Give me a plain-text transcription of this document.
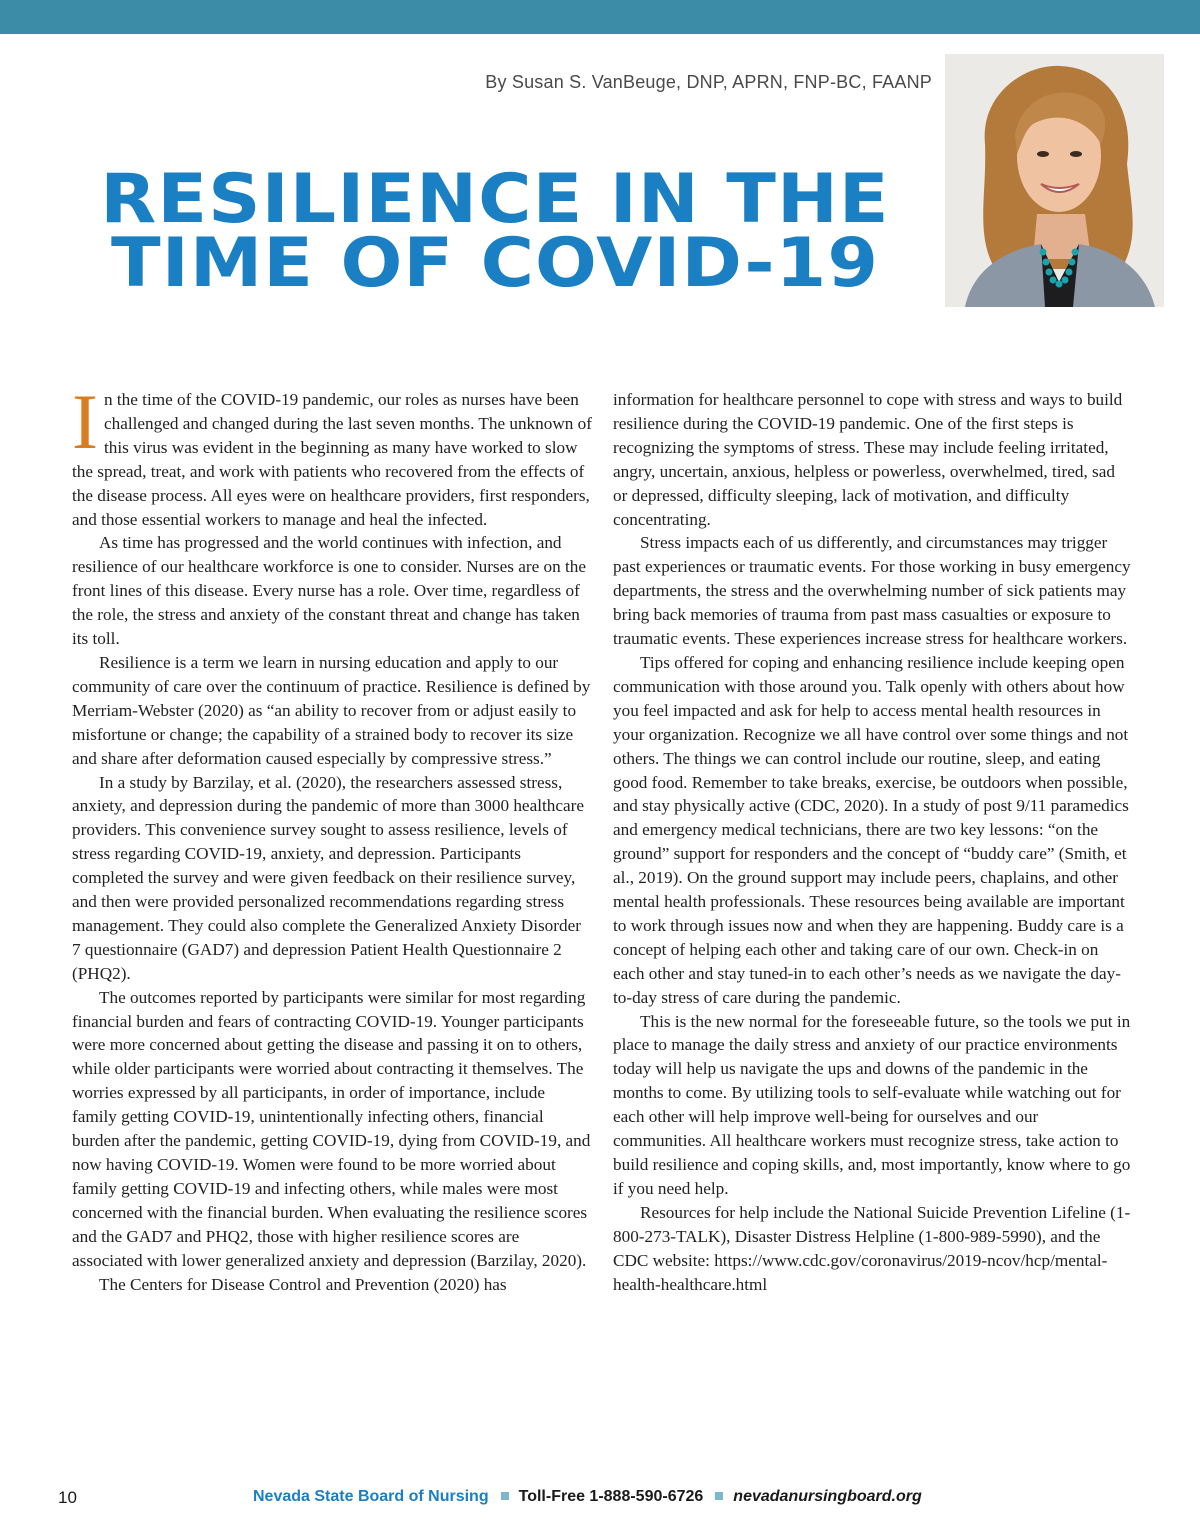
By Susan S. VanBeuge, DNP, APRN, FNP-BC, FAANP
RESILIENCE IN THE
TIME OF COVID-19

In the time of the COVID-19 pandemic, our roles as nurses have been challenged and changed during the last seven months. The unknown of this virus was evident in the beginning as many have worked to slow the spread, treat, and work with patients who recovered from the effects of the disease process. All eyes were on healthcare providers, first responders, and those essential workers to manage and heal the infected.

As time has progressed and the world continues with infection, and resilience of our healthcare workforce is one to consider. Nurses are on the front lines of this disease. Every nurse has a role. Over time, regardless of the role, the stress and anxiety of the constant threat and change has taken its toll.

Resilience is a term we learn in nursing education and apply to our community of care over the continuum of practice. Resilience is defined by Merriam-Webster (2020) as “an ability to recover from or adjust easily to misfortune or change; the capability of a strained body to recover its size and share after deformation caused especially by compressive stress.”

In a study by Barzilay, et al. (2020), the researchers assessed stress, anxiety, and depression during the pandemic of more than 3000 healthcare providers. This convenience survey sought to assess resilience, levels of stress regarding COVID-19, anxiety, and depression. Participants completed the survey and were given feedback on their resilience survey, and then were provided personalized recommendations regarding stress management. They could also complete the Generalized Anxiety Disorder 7 questionnaire (GAD7) and depression Patient Health Questionnaire 2 (PHQ2).

The outcomes reported by participants were similar for most regarding financial burden and fears of contracting COVID-19. Younger participants were more concerned about getting the disease and passing it on to others, while older participants were worried about contracting it themselves. The worries expressed by all participants, in order of importance, include family getting COVID-19, unintentionally infecting others, financial burden after the pandemic, getting COVID-19, dying from COVID-19, and now having COVID-19. Women were found to be more worried about family getting COVID-19 and infecting others, while males were most concerned with the financial burden. When evaluating the resilience scores and the GAD7 and PHQ2, those with higher resilience scores are associated with lower generalized anxiety and depression (Barzilay, 2020).

The Centers for Disease Control and Prevention (2020) has

information for healthcare personnel to cope with stress and ways to build resilience during the COVID-19 pandemic. One of the first steps is recognizing the symptoms of stress. These may include feeling irritated, angry, uncertain, anxious, helpless or powerless, overwhelmed, tired, sad or depressed, difficulty sleeping, lack of motivation, and difficulty concentrating.

Stress impacts each of us differently, and circumstances may trigger past experiences or traumatic events. For those working in busy emergency departments, the stress and the overwhelming number of sick patients may bring back memories of trauma from past mass casualties or exposure to traumatic events. These experiences increase stress for healthcare workers.

Tips offered for coping and enhancing resilience include keeping open communication with those around you. Talk openly with others about how you feel impacted and ask for help to access mental health resources in your organization. Recognize we all have control over some things and not others. The things we can control include our routine, sleep, and eating good food. Remember to take breaks, exercise, be outdoors when possible, and stay physically active (CDC, 2020). In a study of post 9/11 paramedics and emergency medical technicians, there are two key lessons: “on the ground” support for responders and the concept of “buddy care” (Smith, et al., 2019). On the ground support may include peers, chaplains, and other mental health professionals. These resources being available are important to work through issues now and when they are happening. Buddy care is a concept of helping each other and taking care of our own. Check-in on each other and stay tuned-in to each other’s needs as we navigate the day-to-day stress of care during the pandemic.

This is the new normal for the foreseeable future, so the tools we put in place to manage the daily stress and anxiety of our practice environments today will help us navigate the ups and downs of the pandemic in the months to come. By utilizing tools to self-evaluate while watching out for each other will help improve well-being for ourselves and our communities. All healthcare workers must recognize stress, take action to build resilience and coping skills, and, most importantly, know where to go if you need help.

Resources for help include the National Suicide Prevention Lifeline (1-800-273-TALK), Disaster Distress Helpline (1-800-989-5990), and the CDC website: https://www.cdc.gov/coronavirus/2019-ncov/hcp/mental-health-healthcare.html

10	Nevada State Board of Nursing Toll-Free 1-888-590-6726 nevadanursingboard.org
